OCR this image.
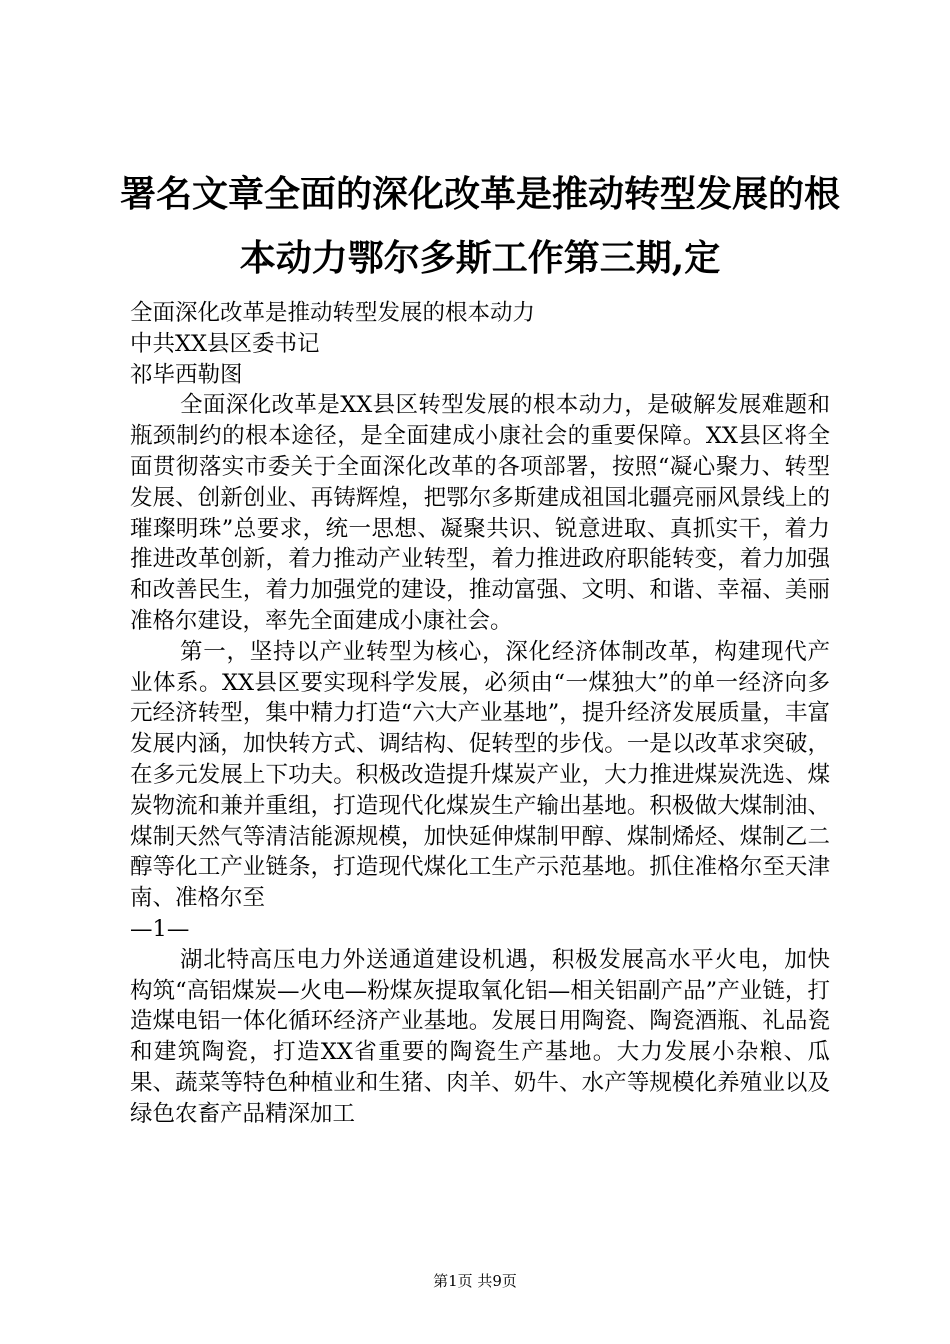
署名文章全面的深化改革是推动转型发展的根本动力鄂尔多斯工作第三期,定

全面深化改革是推动转型发展的根本动力

中共XX县区委书记

祁毕西勒图

全面深化改革是XX县区转型发展的根本动力，是破解发展难题和瓶颈制约的根本途径，是全面建成小康社会的重要保障。XX县区将全面贯彻落实市委关于全面深化改革的各项部署，按照“凝心聚力、转型发展、创新创业、再铸辉煌，把鄂尔多斯建成祖国北疆亮丽风景线上的璀璨明珠”总要求，统一思想、凝聚共识、锐意进取、真抓实干，着力推进改革创新，着力推动产业转型，着力推进政府职能转变，着力加强和改善民生，着力加强党的建设，推动富强、文明、和谐、幸福、美丽准格尔建设，率先全面建成小康社会。

第一，坚持以产业转型为核心，深化经济体制改革，构建现代产业体系。XX县区要实现科学发展，必须由“一煤独大”的单一经济向多元经济转型，集中精力打造“六大产业基地”，提升经济发展质量，丰富发展内涵，加快转方式、调结构、促转型的步伐。一是以改革求突破，在多元发展上下功夫。积极改造提升煤炭产业，大力推进煤炭洗选、煤炭物流和兼并重组，打造现代化煤炭生产输出基地。积极做大煤制油、煤制天然气等清洁能源规模，加快延伸煤制甲醇、煤制烯烃、煤制乙二醇等化工产业链条，打造现代煤化工生产示范基地。抓住准格尔至天津南、准格尔至

—1—

湖北特高压电力外送通道建设机遇，积极发展高水平火电，加快构筑“高铝煤炭—火电—粉煤灰提取氧化铝—相关铝副产品”产业链，打造煤电铝一体化循环经济产业基地。发展日用陶瓷、陶瓷酒瓶、礼品瓷和建筑陶瓷，打造XX省重要的陶瓷生产基地。大力发展小杂粮、瓜果、蔬菜等特色种植业和生猪、肉羊、奶牛、水产等规模化养殖业以及绿色农畜产品精深加工

第1页 共9页
